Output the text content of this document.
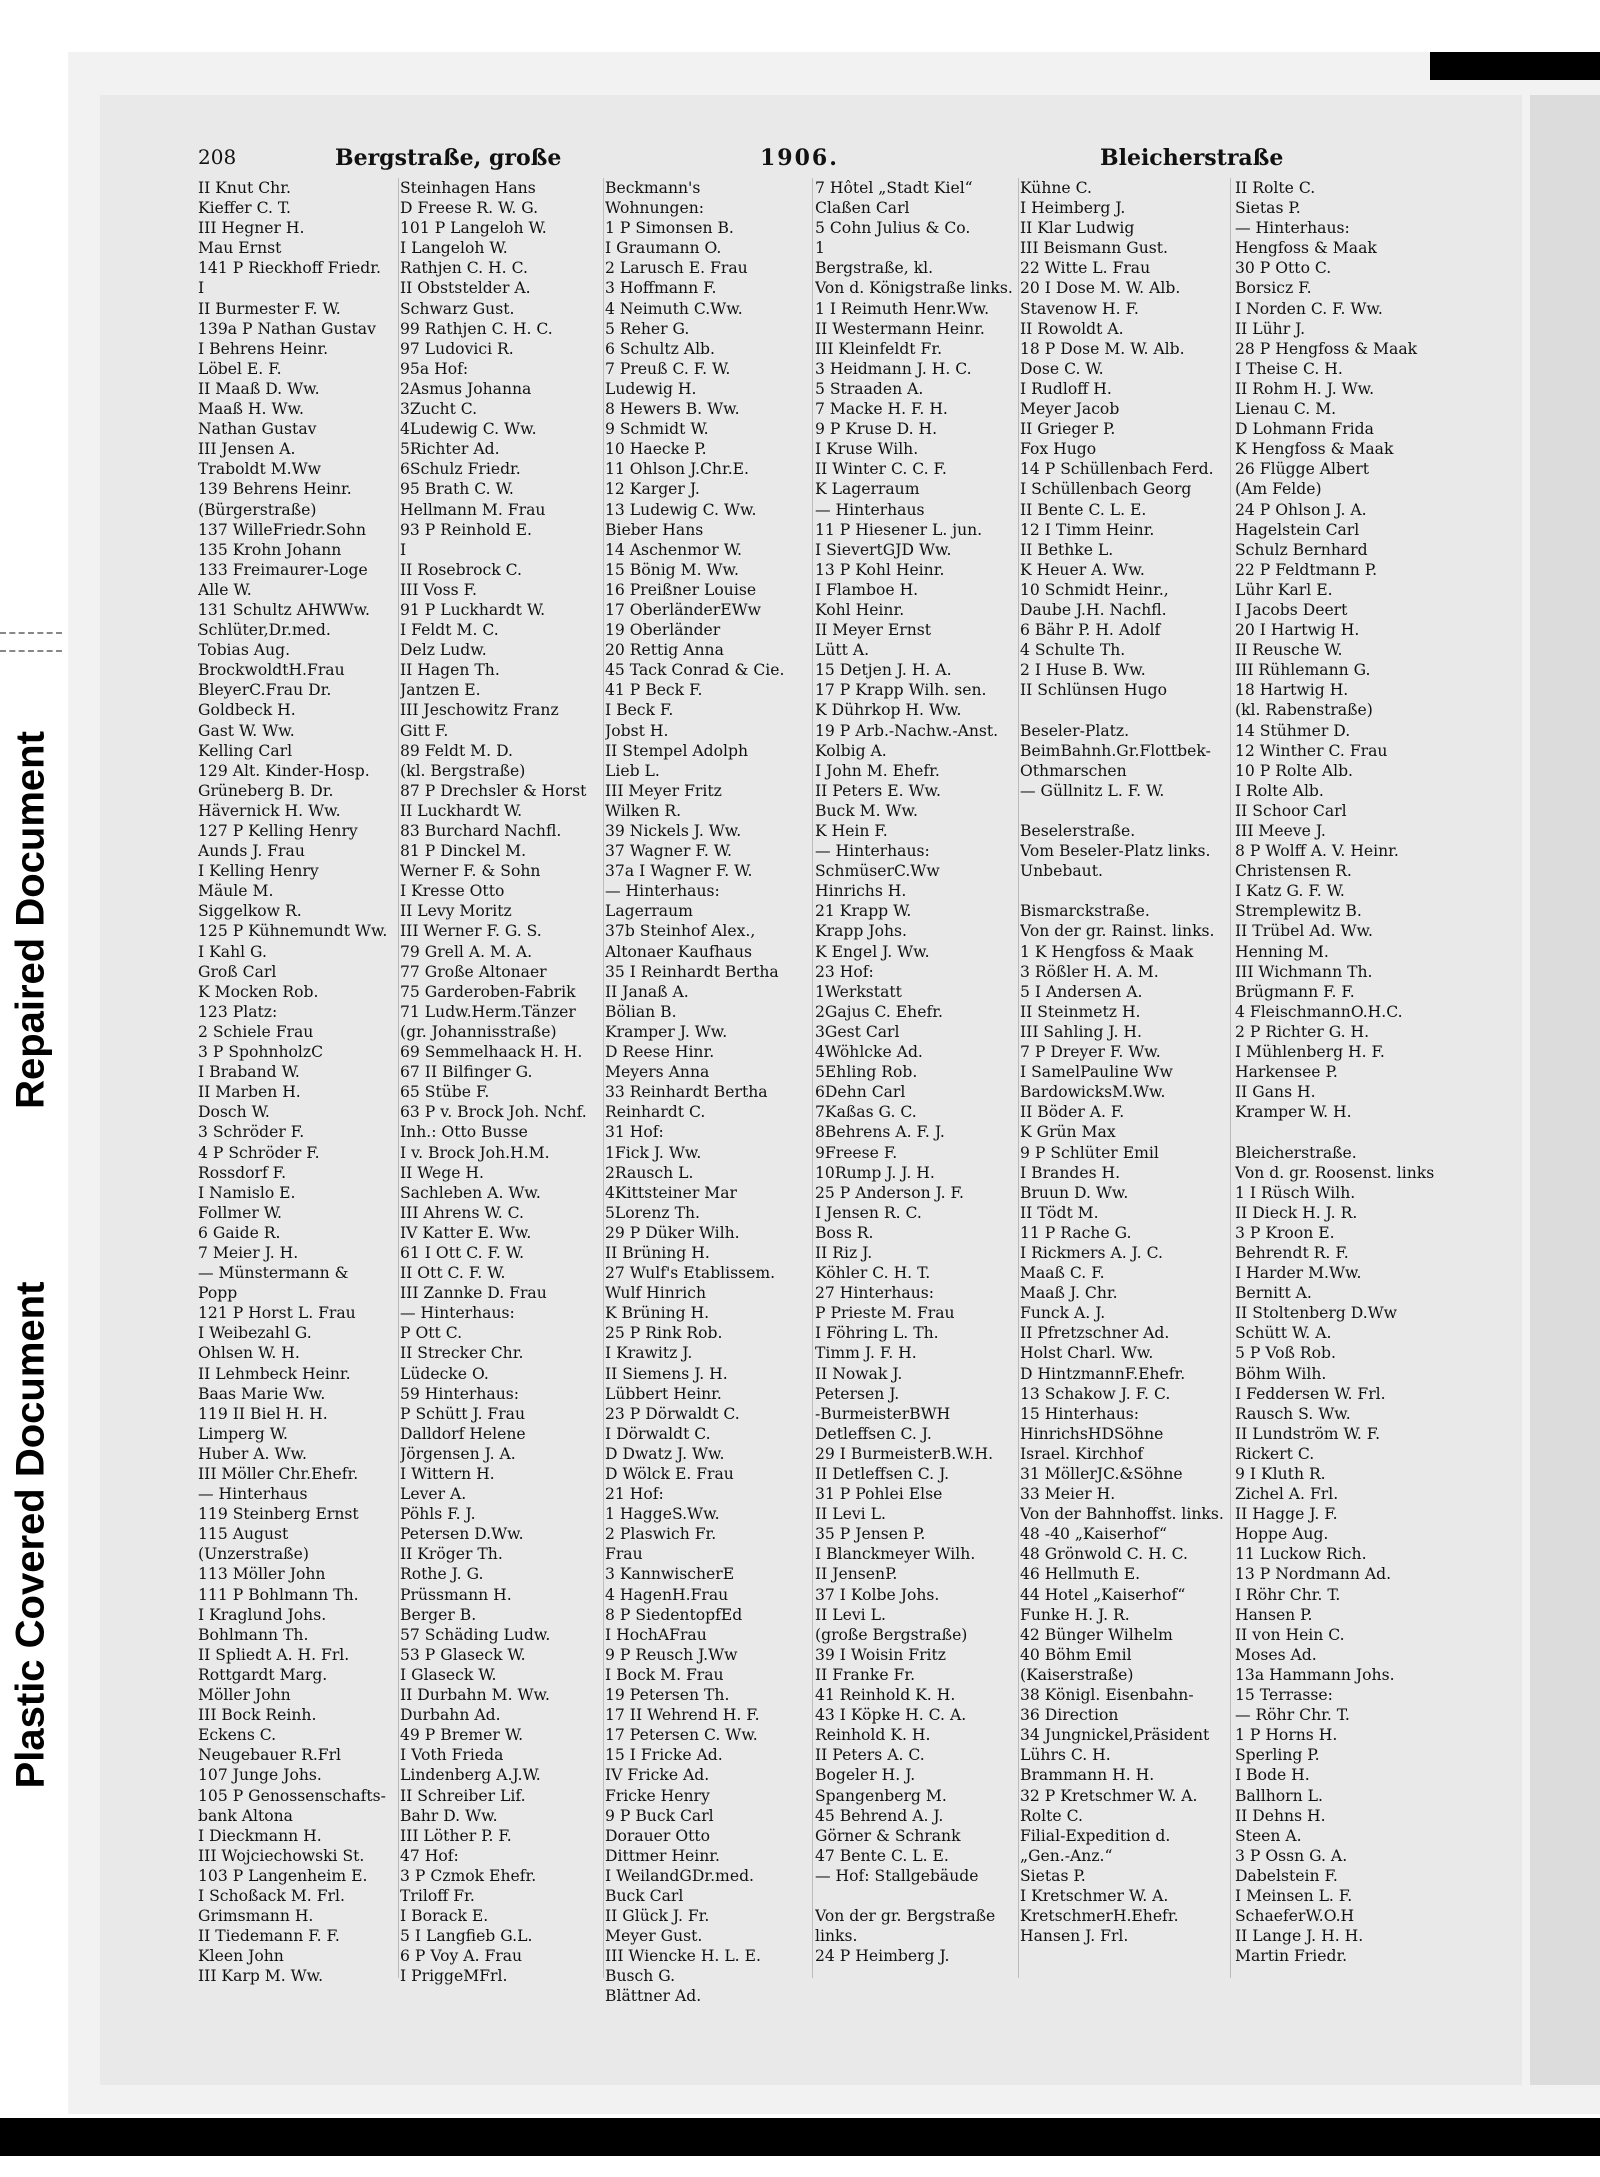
Plastic Covered Document
Repaired Document
208	Bergstraße, große	1906.	Bleicherstraße
II Knut Chr.
Kieffer C. T.
III Hegner H.
Mau Ernst
141 P Rieckhoff Friedr.
I
II Burmester F. W.
139a P Nathan Gustav
I Behrens Heinr.
Löbel E. F.
II Maaß D. Ww.
Maaß H. Ww.
Nathan Gustav
III Jensen A.
Traboldt M.Ww
139 Behrens Heinr.
(Bürgerstraße)
137 WilleFriedr.Sohn
135 Krohn Johann
133 Freimaurer-Loge
Alle W.
131 Schultz AHWWw.
Schlüter,Dr.med.
Tobias Aug.
BrockwoldtH.Frau
BleyerC.Frau Dr.
Goldbeck H.
Gast W. Ww.
Kelling Carl
129 Alt. Kinder-Hosp.
Grüneberg B. Dr.
Hävernick H. Ww.
127 P Kelling Henry
Aunds J. Frau
I Kelling Henry
Mäule M.
Siggelkow R.
125 P Kühnemundt Ww.
I Kahl G.
Groß Carl
K Mocken Rob.
123 Platz:
2 Schiele Frau
3 P SpohnholzC
I Braband W.
II Marben H.
Dosch W.
3 Schröder F.
4 P Schröder F.
Rossdorf F.
I Namislo E.
Follmer W.
6 Gaide R.
7 Meier J. H.
— Münstermann &
Popp
121 P Horst L. Frau
I Weibezahl G.
Ohlsen W. H.
II Lehmbeck Heinr.
Baas Marie Ww.
119 II Biel H. H.
Limperg W.
Huber A. Ww.
III Möller Chr.Ehefr.
— Hinterhaus
119 Steinberg Ernst
115 August
(Unzerstraße)
113 Möller John
111 P Bohlmann Th.
I Kraglund Johs.
Bohlmann Th.
II Spliedt A. H. Frl.
Rottgardt Marg.
Möller John
III Bock Reinh.
Eckens C.
Neugebauer R.Frl
107 Junge Johs.
105 P Genossenschafts-
bank Altona
I Dieckmann H.
III Wojciechowski St.
103 P Langenheim E.
I Schoßack M. Frl.
Grimsmann H.
II Tiedemann F. F.
Kleen John
III Karp M. Ww.
Steinhagen Hans
D Freese R. W. G.
101 P Langeloh W.
I Langeloh W.
Rathjen C. H. C.
II Obststelder A.
Schwarz Gust.
99 Rathjen C. H. C.
97 Ludovici R.
95a Hof:
2Asmus Johanna
3Zucht C.
4Ludewig C. Ww.
5Richter Ad.
6Schulz Friedr.
95 Brath C. W.
Hellmann M. Frau
93 P Reinhold E.
I
II Rosebrock C.
III Voss F.
91 P Luckhardt W.
I Feldt M. C.
Delz Ludw.
II Hagen Th.
Jantzen E.
III Jeschowitz Franz
Gitt F.
89 Feldt M. D.
(kl. Bergstraße)
87 P Drechsler & Horst
II Luckhardt W.
83 Burchard Nachfl.
81 P Dinckel M.
Werner F. & Sohn
I Kresse Otto
II Levy Moritz
III Werner F. G. S.
79 Grell A. M. A.
77 Große Altonaer
75 Garderoben-Fabrik
71 Ludw.Herm.Tänzer
(gr. Johannisstraße)
69 Semmelhaack H. H.
67 II Bilfinger G.
65 Stübe F.
63 P v. Brock Joh. Nchf.
Inh.: Otto Busse
I v. Brock Joh.H.M.
II Wege H.
Sachleben A. Ww.
III Ahrens W. C.
IV Katter E. Ww.
61 I Ott C. F. W.
II Ott C. F. W.
III Zannke D. Frau
— Hinterhaus:
P Ott C.
II Strecker Chr.
Lüdecke O.
59 Hinterhaus:
P Schütt J. Frau
Dalldorf Helene
Jörgensen J. A.
I Wittern H.
Lever A.
Pöhls F. J.
Petersen D.Ww.
II Kröger Th.
Rothe J. G.
Prüssmann H.
Berger B.
57 Schäding Ludw.
53 P Glaseck W.
I Glaseck W.
II Durbahn M. Ww.
Durbahn Ad.
49 P Bremer W.
I Voth Frieda
Lindenberg A.J.W.
II Schreiber Lif.
Bahr D. Ww.
III Löther P. F.
47 Hof:
3 P Czmok Ehefr.
Triloff Fr.
I Borack E.
5 I Langfieb G.L.
6 P Voy A. Frau
I PriggeMFrl.
Beckmann's
Wohnungen:
1 P Simonsen B.
I Graumann O.
2 Larusch E. Frau
3 Hoffmann F.
4 Neimuth C.Ww.
5 Reher G.
6 Schultz Alb.
7 Preuß C. F. W.
Ludewig H.
8 Hewers B. Ww.
9 Schmidt W.
10 Haecke P.
11 Ohlson J.Chr.E.
12 Karger J.
13 Ludewig C. Ww.
Bieber Hans
14 Aschenmor W.
15 Bönig M. Ww.
16 Preißner Louise
17 OberländerEWw
19 Oberländer
20 Rettig Anna
45 Tack Conrad & Cie.
41 P Beck F.
I Beck F.
Jobst H.
II Stempel Adolph
Lieb L.
III Meyer Fritz
Wilken R.
39 Nickels J. Ww.
37 Wagner F. W.
37a I Wagner F. W.
— Hinterhaus:
Lagerraum
37b Steinhof Alex.,
Altonaer Kaufhaus
35 I Reinhardt Bertha
II Janaß A.
Bölian B.
Kramper J. Ww.
D Reese Hinr.
Meyers Anna
33 Reinhardt Bertha
Reinhardt C.
31 Hof:
1Fick J. Ww.
2Rausch L.
4Kittsteiner Mar
5Lorenz Th.
29 P Düker Wilh.
II Brüning H.
27 Wulf's Etablissem.
Wulf Hinrich
K Brüning H.
25 P Rink Rob.
I Krawitz J.
II Siemens J. H.
Lübbert Heinr.
23 P Dörwaldt C.
I Dörwaldt C.
D Dwatz J. Ww.
D Wölck E. Frau
21 Hof:
1 HaggeS.Ww.
2 Plaswich Fr.
Frau
3 KannwischerE
4 HagenH.Frau
8 P SiedentopfEd
I HochAFrau
9 P Reusch J.Ww
I Bock M. Frau
19 Petersen Th.
17 II Wehrend H. F.
17 Petersen C. Ww.
15 I Fricke Ad.
IV Fricke Ad.
Fricke Henry
9 P Buck Carl
Dorauer Otto
Dittmer Heinr.
I WeilandGDr.med.
Buck Carl
II Glück J. Fr.
Meyer Gust.
III Wiencke H. L. E.
Busch G.
Blättner Ad.
7 Hôtel „Stadt Kiel“
Claßen Carl
5 Cohn Julius & Co.
1
Bergstraße, kl.
Von d. Königstraße links.
1 I Reimuth Henr.Ww.
II Westermann Heinr.
III Kleinfeldt Fr.
3 Heidmann J. H. C.
5 Straaden A.
7 Macke H. F. H.
9 P Kruse D. H.
I Kruse Wilh.
II Winter C. C. F.
K Lagerraum
— Hinterhaus
11 P Hiesener L. jun.
I SievertGJD Ww.
13 P Kohl Heinr.
I Flamboe H.
Kohl Heinr.
II Meyer Ernst
Lütt A.
15 Detjen J. H. A.
17 P Krapp Wilh. sen.
K Dührkop H. Ww.
19 P Arb.-Nachw.-Anst.
Kolbig A.
I John M. Ehefr.
II Peters E. Ww.
Buck M. Ww.
K Hein F.
— Hinterhaus:
SchmüserC.Ww
Hinrichs H.
21 Krapp W.
Krapp Johs.
K Engel J. Ww.
23 Hof:
1Werkstatt
2Gajus C. Ehefr.
3Gest Carl
4Wöhlcke Ad.
5Ehling Rob.
6Dehn Carl
7Kaßas G. C.
8Behrens A. F. J.
9Freese F.
10Rump J. J. H.
25 P Anderson J. F.
I Jensen R. C.
Boss R.
II Riz J.
Köhler C. H. T.
27 Hinterhaus:
P Prieste M. Frau
I Föhring L. Th.
Timm J. F. H.
II Nowak J.
Petersen J.
-BurmeisterBWH
Detleffsen C. J.
29 I BurmeisterB.W.H.
II Detleffsen C. J.
31 P Pohlei Else
II Levi L.
35 P Jensen P.
I Blanckmeyer Wilh.
II JensenP.
37 I Kolbe Johs.
II Levi L.
(große Bergstraße)
39 I Woisin Fritz
II Franke Fr.
41 Reinhold K. H.
43 I Köpke H. C. A.
Reinhold K. H.
II Peters A. C.
Bogeler H. J.
Spangenberg M.
45 Behrend A. J.
Görner & Schrank
47 Bente C. L. E.
— Hof: Stallgebäude
Von der gr. Bergstraße
links.
24 P Heimberg J.
Kühne C.
I Heimberg J.
II Klar Ludwig
III Beismann Gust.
22 Witte L. Frau
20 I Dose M. W. Alb.
Stavenow H. F.
II Rowoldt A.
18 P Dose M. W. Alb.
Dose C. W.
I Rudloff H.
Meyer Jacob
II Grieger P.
Fox Hugo
14 P Schüllenbach Ferd.
I Schüllenbach Georg
II Bente C. L. E.
12 I Timm Heinr.
II Bethke L.
K Heuer A. Ww.
10 Schmidt Heinr.,
Daube J.H. Nachfl.
6 Bähr P. H. Adolf
4 Schulte Th.
2 I Huse B. Ww.
II Schlünsen Hugo
Beseler-Platz.
BeimBahnh.Gr.Flottbek-
Othmarschen
— Güllnitz L. F. W.
Beselerstraße.
Vom Beseler-Platz links.
Unbebaut.
Bismarckstraße.
Von der gr. Rainst. links.
1 K Hengfoss & Maak
3 Rößler H. A. M.
5 I Andersen A.
II Steinmetz H.
III Sahling J. H.
7 P Dreyer F. Ww.
I SamelPauline Ww
BardowicksM.Ww.
II Böder A. F.
K Grün Max
9 P Schlüter Emil
I Brandes H.
Bruun D. Ww.
II Tödt M.
11 P Rache G.
I Rickmers A. J. C.
Maaß C. F.
Maaß J. Chr.
Funck A. J.
II Pfretzschner Ad.
Holst Charl. Ww.
D HintzmannF.Ehefr.
13 Schakow J. F. C.
15 Hinterhaus:
HinrichsHDSöhne
Israel. Kirchhof
31 MöllerJC.&Söhne
33 Meier H.
Von der Bahnhoffst. links.
48 -40 „Kaiserhof“
48 Grönwold C. H. C.
46 Hellmuth E.
44 Hotel „Kaiserhof“
Funke H. J. R.
42 Bünger Wilhelm
40 Böhm Emil
(Kaiserstraße)
38 Königl. Eisenbahn-
36 Direction
34 Jungnickel,Präsident
Lührs C. H.
Brammann H. H.
32 P Kretschmer W. A.
Rolte C.
Filial-Expedition d.
„Gen.-Anz.“
Sietas P.
I Kretschmer W. A.
KretschmerH.Ehefr.
Hansen J. Frl.
II Rolte C.
Sietas P.
— Hinterhaus:
Hengfoss & Maak
30 P Otto C.
Borsicz F.
I Norden C. F. Ww.
II Lühr J.
28 P Hengfoss & Maak
I Theise C. H.
II Rohm H. J. Ww.
Lienau C. M.
D Lohmann Frida
K Hengfoss & Maak
26 Flügge Albert
(Am Felde)
24 P Ohlson J. A.
Hagelstein Carl
Schulz Bernhard
22 P Feldtmann P.
Lühr Karl E.
I Jacobs Deert
20 I Hartwig H.
II Reusche W.
III Rühlemann G.
18 Hartwig H.
(kl. Rabenstraße)
14 Stühmer D.
12 Winther C. Frau
10 P Rolte Alb.
I Rolte Alb.
II Schoor Carl
III Meeve J.
8 P Wolff A. V. Heinr.
Christensen R.
I Katz G. F. W.
Stremplewitz B.
II Trübel Ad. Ww.
Henning M.
III Wichmann Th.
Brügmann F. F.
4 FleischmannO.H.C.
2 P Richter G. H.
I Mühlenberg H. F.
Harkensee P.
II Gans H.
Kramper W. H.
Bleicherstraße.
Von d. gr. Roosenst. links
1 I Rüsch Wilh.
II Dieck H. J. R.
3 P Kroon E.
Behrendt R. F.
I Harder M.Ww.
Bernitt A.
II Stoltenberg D.Ww
Schütt W. A.
5 P Voß Rob.
Böhm Wilh.
I Feddersen W. Frl.
Rausch S. Ww.
II Lundström W. F.
Rickert C.
9 I Kluth R.
Zichel A. Frl.
II Hagge J. F.
Hoppe Aug.
11 Luckow Rich.
13 P Nordmann Ad.
I Röhr Chr. T.
Hansen P.
II von Hein C.
Moses Ad.
13a Hammann Johs.
15 Terrasse:
— Röhr Chr. T.
1 P Horns H.
Sperling P.
I Bode H.
Ballhorn L.
II Dehns H.
Steen A.
3 P Ossn G. A.
Dabelstein F.
I Meinsen L. F.
SchaeferW.O.H
II Lange J. H. H.
Martin Friedr.
